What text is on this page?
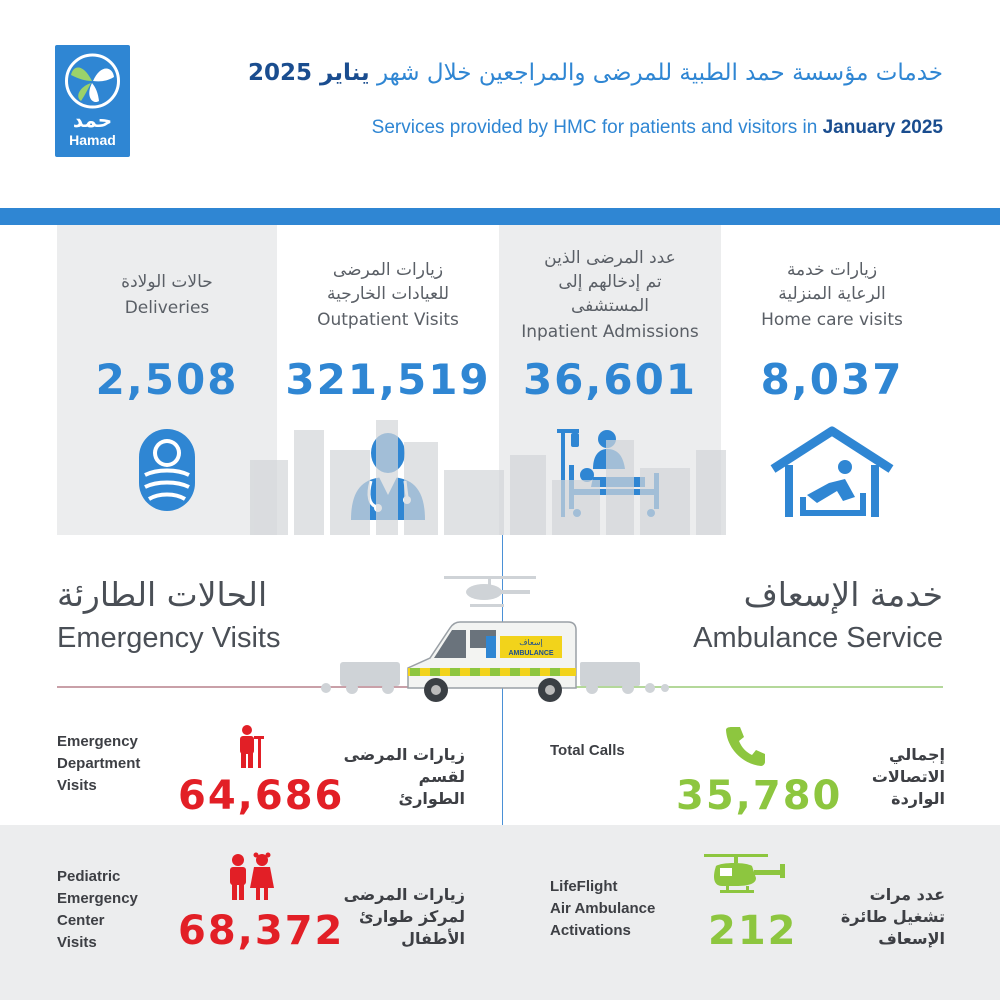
حمد
Hamad
خدمات مؤسسة حمد الطبية للمرضى والمراجعين خلال شهر يناير 2025
Services provided by HMC for patients and visitors in January 2025
حالات الولادة
Deliveries
2,508
زيارات المرضى
للعيادات الخارجية
Outpatient Visits
321,519
عدد المرضى الذين
تم إدخالهم إلى
المستشفى
Inpatient Admissions
36,601
زيارات خدمة
الرعاية المنزلية
Home care visits
8,037
الحالات الطارئة
Emergency Visits
خدمة الإسعاف
Ambulance Service
إسعاف
AMBULANCE
Emergency
Department
Visits
زيارات المرضى
لقسم
الطوارئ
64,686
Pediatric
Emergency
Center
Visits
زيارات المرضى
لمركز طوارئ
الأطفال
68,372
Total Calls	إجمالي
الاتصالات
الواردة
35,780
LifeFlight
Air Ambulance
Activations
عدد مرات
تشغيل طائرة
الإسعاف
212
